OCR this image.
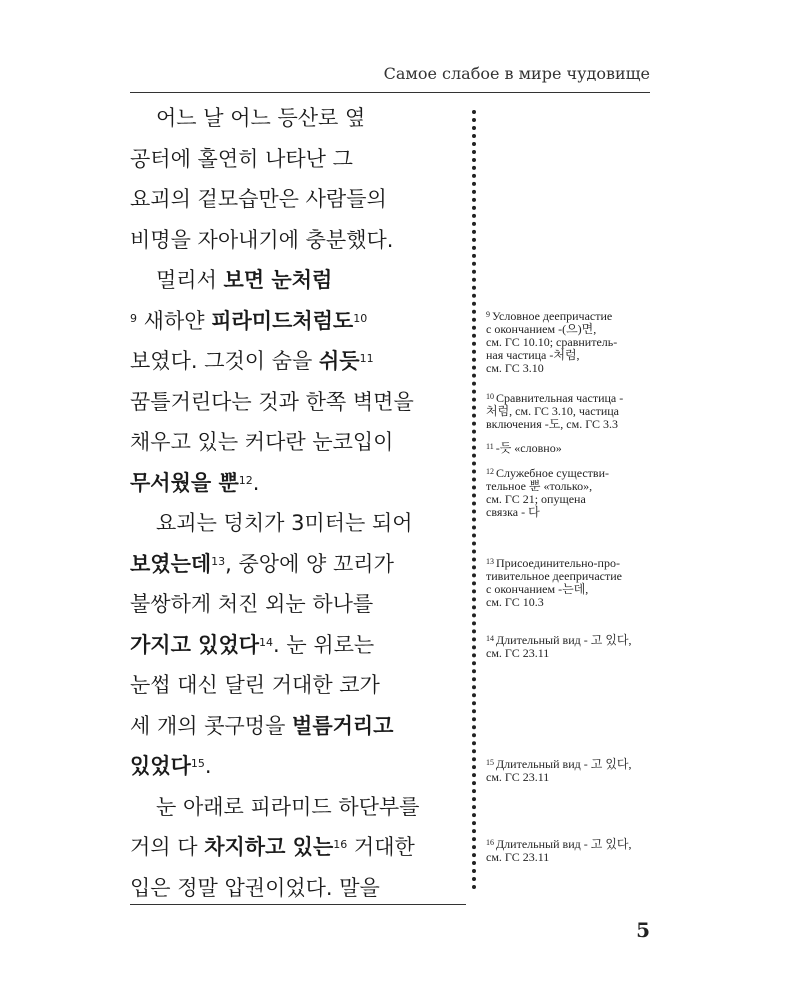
Самое слабое в мире чудовище
어느 날 어느 등산로 옆
공터에 홀연히 나타난 그
요괴의 겉모습만은 사람들의
비명을 자아내기에 충분했다.
멀리서 보면 눈처럼
$^9$ 새하얀 피라미드처럼도$^{10}$
보였다. 그것이 숨을 쉬듯$^{11}$
꿈틀거린다는 것과 한쪽 벽면을
채우고 있는 커다란 눈코입이
무서웠을 뿐$^{12}$.
요괴는 덩치가 3미터는 되어
보였는데$^{13}$, 중앙에 양 꼬리가
불쌍하게 처진 외눈 하나를
가지고 있었다$^{14}$. 눈 위로는
눈썹 대신 달린 거대한 코가
세 개의 콧구멍을 벌름거리고
있었다$^{15}$.
눈 아래로 피라미드 하단부를
거의 다 차지하고 있는$^{16}$ 거대한
입은 정말 압권이었다. 말을
$^9$ Условное деепричастие
с окончанием -(으)면,
см. ГС 10.10; сравнитель-
ная частица -처럼,
см. ГС 3.10
$^{10}$ Сравнительная частица -
처럼, см. ГС 3.10, частица
включения -도, см. ГС 3.3
$^{11}$ -듯 «словно»
$^{12}$ Служебное существи-
тельное 뿐 «только»,
см. ГС 21; опущена
связка - 다
$^{13}$ Присоединительно-про-
тивительное деепричастие
с окончанием -는데,
см. ГС 10.3
$^{14}$ Длительный вид - 고 있다,
см. ГС 23.11
$^{15}$ Длительный вид - 고 있다,
см. ГС 23.11
$^{16}$ Длительный вид - 고 있다,
см. ГС 23.11
5
